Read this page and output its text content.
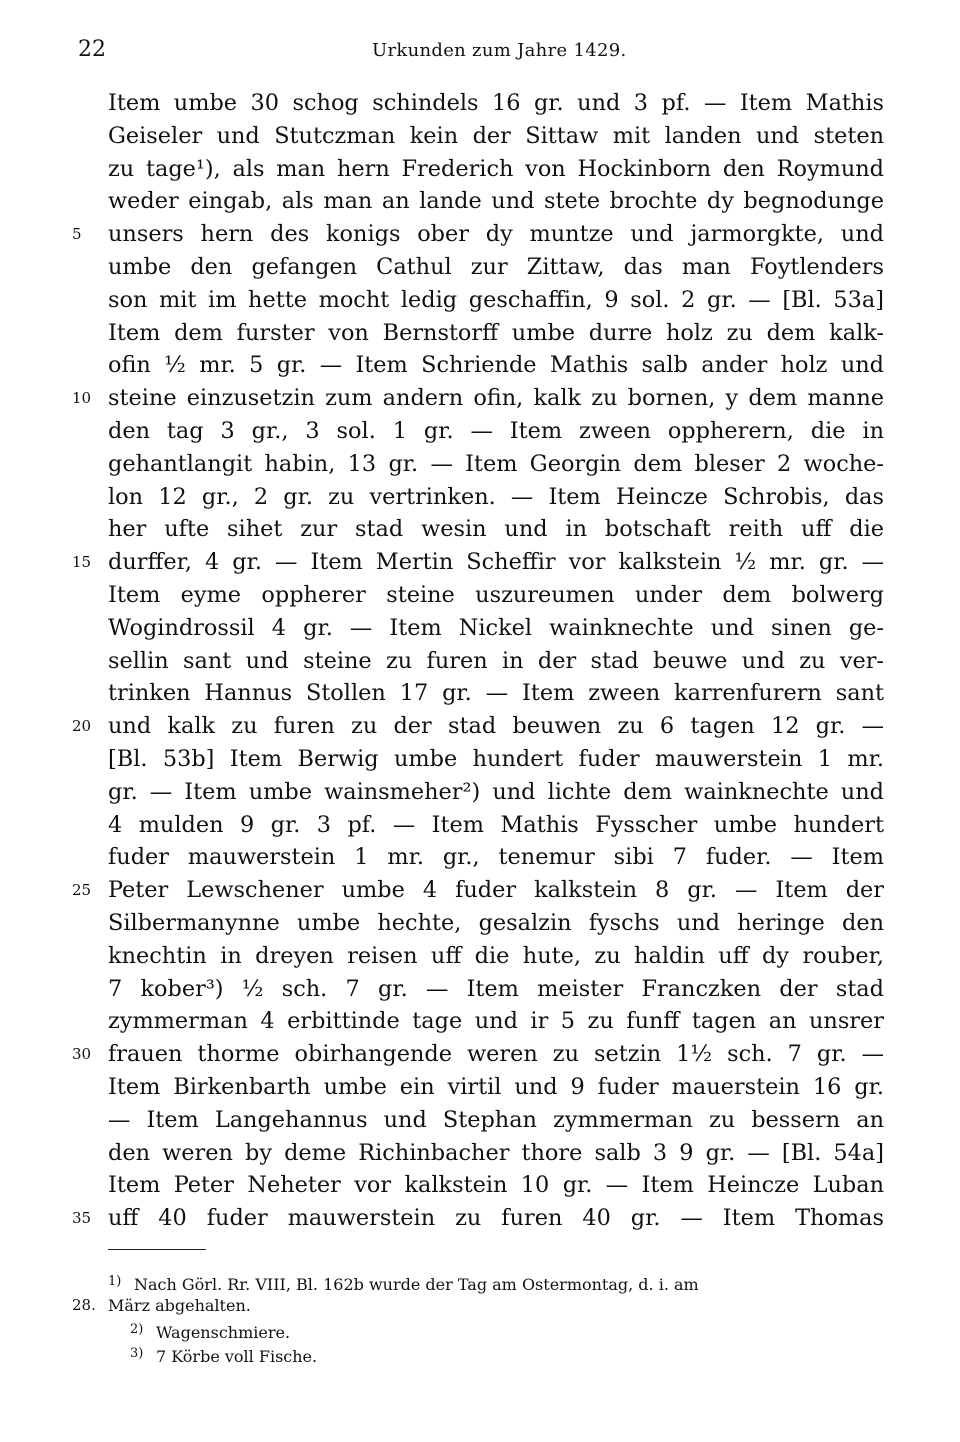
22	Urkunden zum Jahre 1429.
Item umbe 30 schog schindels 16 gr. und 3 pf. — Item Mathis
Geiseler und Stutczman kein der Sittaw mit landen und steten
zu tage¹), als man hern Frederich von Hockinborn den Roymund
weder eingab, als man an lande und stete brochte dy begnodunge
5	unsers hern des konigs ober dy muntze und jarmorgkte, und
umbe den gefangen Cathul zur Zittaw, das man Foytlenders
son mit im hette mocht ledig geschaffin, 9 sol. 2 gr. — [Bl. 53a]
Item dem furster von Bernstorff umbe durre holz zu dem kalk-
ofin ½ mr. 5 gr. — Item Schriende Mathis salb ander holz und
10 steine einzusetzin zum andern ofin, kalk zu bornen, y dem manne
den tag 3 gr., 3 sol. 1 gr. — Item zween oppherern, die in
gehantlangit habin, 13 gr. — Item Georgin dem bleser 2 woche-
lon 12 gr., 2 gr. zu vertrinken. — Item Heincze Schrobis, das
her ufte sihet zur stad wesin und in botschaft reith uff die
15 durffer, 4 gr. — Item Mertin Scheffir vor kalkstein ½ mr. gr. —
Item eyme oppherer steine uszureumen under dem bolwerg
Wogindrossil 4 gr. — Item Nickel wainknechte und sinen ge-
sellin sant und steine zu furen in der stad beuwe und zu ver-
trinken Hannus Stollen 17 gr. — Item zween karrenfurern sant
20 und kalk zu furen zu der stad beuwen zu 6 tagen 12 gr. —
[Bl. 53b] Item Berwig umbe hundert fuder mauwerstein 1 mr.
gr. — Item umbe wainsmeher²) und lichte dem wainknechte und
4 mulden 9 gr. 3 pf. — Item Mathis Fysscher umbe hundert
fuder mauwerstein 1 mr. gr., tenemur sibi 7 fuder. — Item
25 Peter Lewschener umbe 4 fuder kalkstein 8 gr. — Item der
Silbermanynne umbe hechte, gesalzin fyschs und heringe den
knechtin in dreyen reisen uff die hute, zu haldin uff dy rouber,
7 kober³) ½ sch. 7 gr. — Item meister Franczken der stad
zymmerman 4 erbittinde tage und ir 5 zu funff tagen an unsrer
30 frauen thorme obirhangende weren zu setzin 1½ sch. 7 gr. —
Item Birkenbarth umbe ein virtil und 9 fuder mauerstein 16 gr.
— Item Langehannus und Stephan zymmerman zu bessern an
den weren by deme Richinbacher thore salb 3 9 gr. — [Bl. 54a]
Item Peter Neheter vor kalkstein 10 gr. — Item Heincze Luban
35 uff 40 fuder mauwerstein zu furen 40 gr. — Item Thomas
1) Nach Görl. Rr. VIII, Bl. 162b wurde der Tag am Ostermontag, d. i. am
28. März abgehalten.
2) Wagenschmiere.
3) 7 Körbe voll Fische.
